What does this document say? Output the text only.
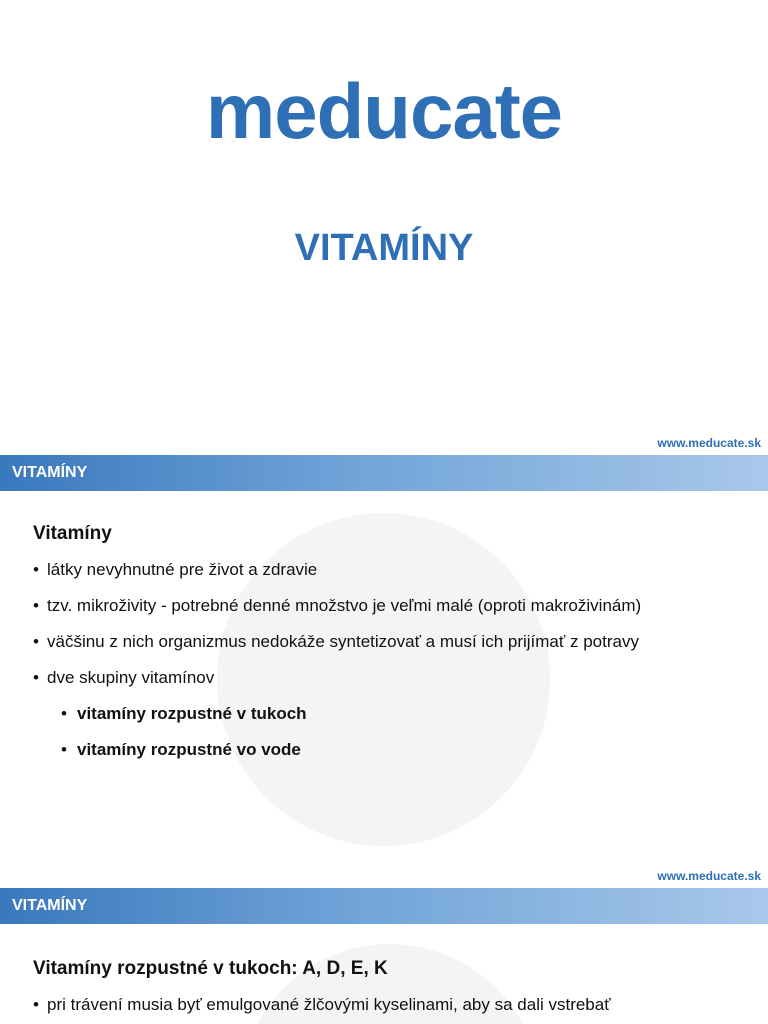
meducate
VITAMÍNY
www.meducate.sk
VITAMÍNY
Vitamíny
• látky nevyhnutné pre život a zdravie
• tzv. mikroživity - potrebné denné množstvo je veľmi malé (oproti makroživinám)
• väčšinu z nich organizmus nedokáže syntetizovať a musí ich prijímať z potravy
• dve skupiny vitamínov
• vitamíny rozpustné v tukoch
• vitamíny rozpustné vo vode
www.meducate.sk
VITAMÍNY
Vitamíny rozpustné v tukoch: A, D, E, K
• pri trávení musia byť emulgované žlčovými kyselinami, aby sa dali vstrebať
